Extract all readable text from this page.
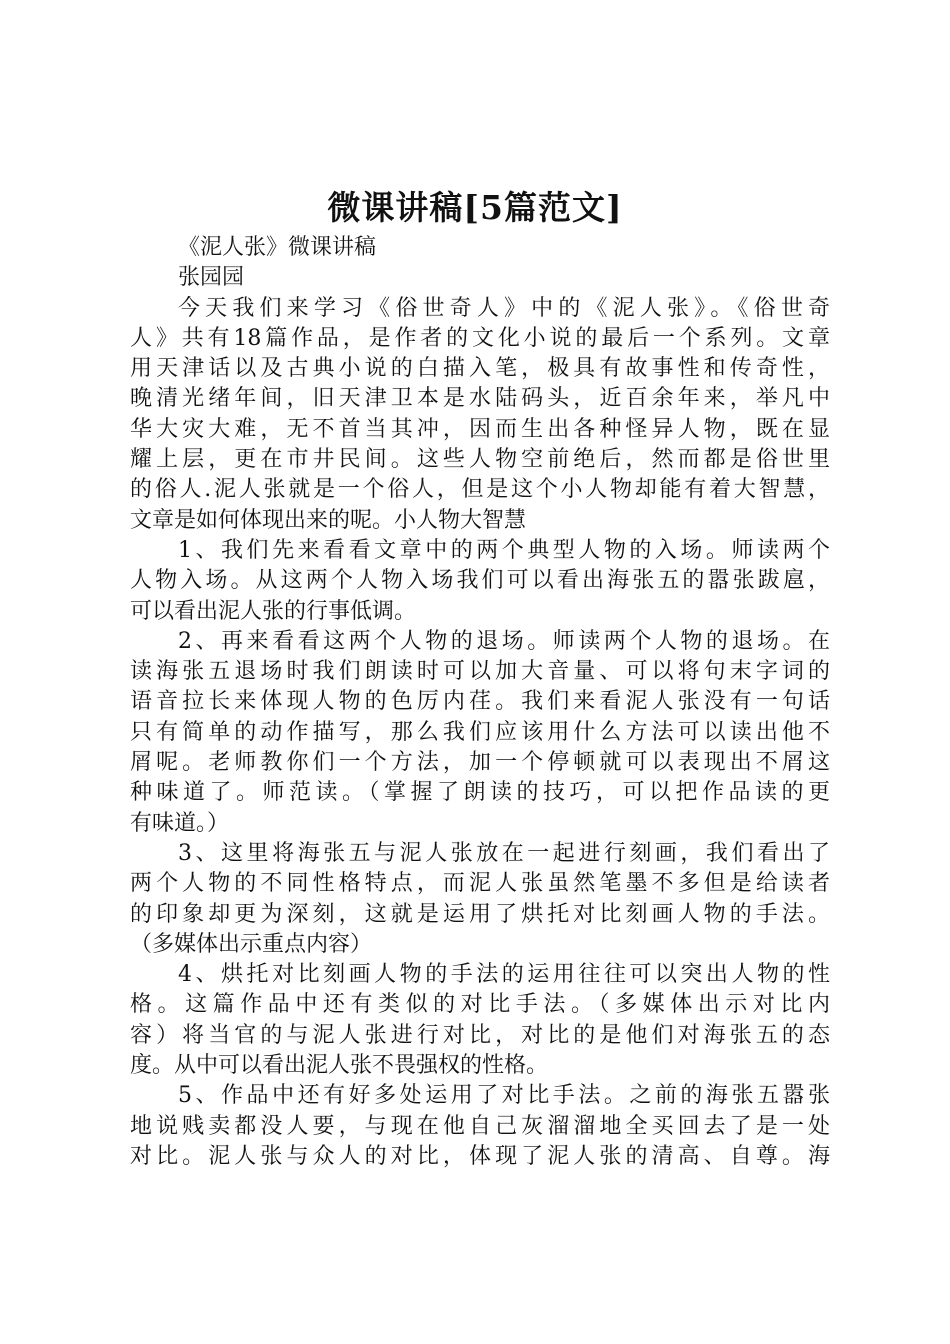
微课讲稿[5篇范文]
《泥人张》微课讲稿
张园园
今天我们来学习《俗世奇人》中的《泥人张》。《俗世奇
人》共有18篇作品，是作者的文化小说的最后一个系列。文章
用天津话以及古典小说的白描入笔，极具有故事性和传奇性，
晚清光绪年间，旧天津卫本是水陆码头，近百余年来，举凡中
华大灾大难，无不首当其冲，因而生出各种怪异人物，既在显
耀上层，更在市井民间。这些人物空前绝后，然而都是俗世里
的俗人.泥人张就是一个俗人，但是这个小人物却能有着大智慧，
文章是如何体现出来的呢。小人物大智慧
1、我们先来看看文章中的两个典型人物的入场。师读两个
人物入场。从这两个人物入场我们可以看出海张五的嚣张跋扈，
可以看出泥人张的行事低调。
2、再来看看这两个人物的退场。师读两个人物的退场。在
读海张五退场时我们朗读时可以加大音量、可以将句末字词的
语音拉长来体现人物的色厉内荏。我们来看泥人张没有一句话
只有简单的动作描写，那么我们应该用什么方法可以读出他不
屑呢。老师教你们一个方法，加一个停顿就可以表现出不屑这
种味道了。师范读。（掌握了朗读的技巧，可以把作品读的更
有味道。）
3、这里将海张五与泥人张放在一起进行刻画，我们看出了
两个人物的不同性格特点，而泥人张虽然笔墨不多但是给读者
的印象却更为深刻，这就是运用了烘托对比刻画人物的手法。
（多媒体出示重点内容）
4、烘托对比刻画人物的手法的运用往往可以突出人物的性
格。这篇作品中还有类似的对比手法。（多媒体出示对比内
容）将当官的与泥人张进行对比，对比的是他们对海张五的态
度。从中可以看出泥人张不畏强权的性格。
5、作品中还有好多处运用了对比手法。之前的海张五嚣张
地说贱卖都没人要，与现在他自己灰溜溜地全买回去了是一处
对比。泥人张与众人的对比，体现了泥人张的清高、自尊。海
